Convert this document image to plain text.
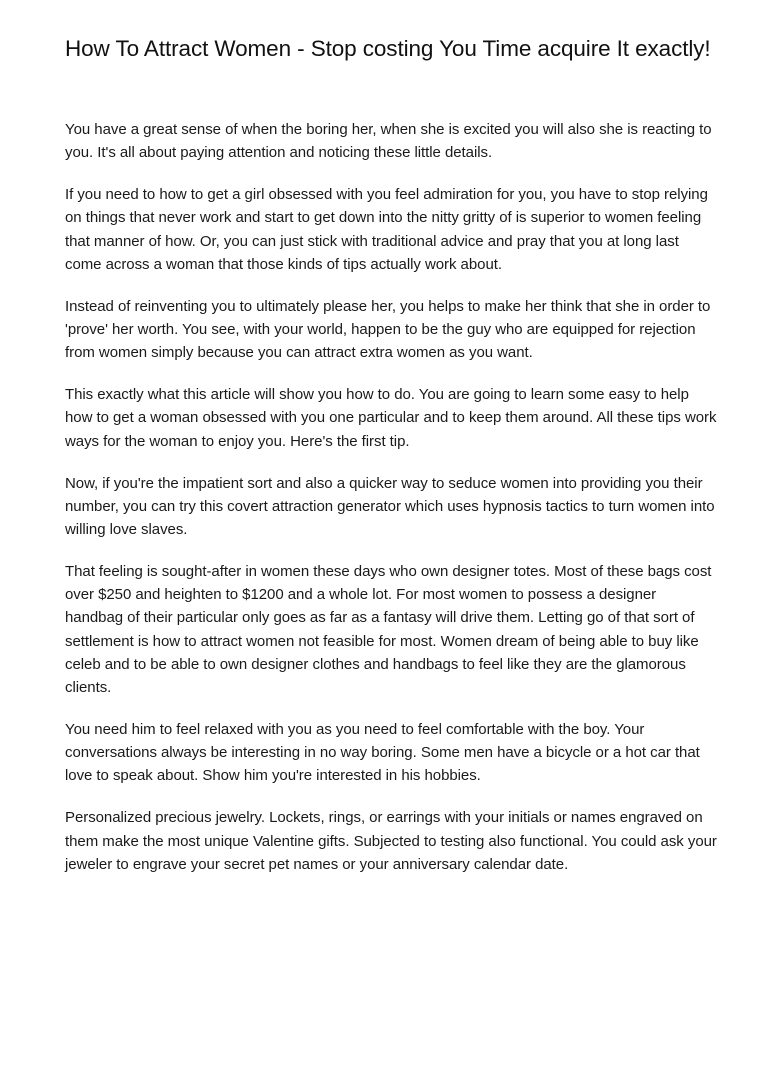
How To Attract Women - Stop costing You Time acquire It exactly!

You have a great sense of when the boring her, when she is excited you will also she is reacting to you. It's all about paying attention and noticing these little details.

If you need to how to get a girl obsessed with you feel admiration for you, you have to stop relying on things that never work and start to get down into the nitty gritty of is superior to women feeling that manner of how. Or, you can just stick with traditional advice and pray that you at long last come across a woman that those kinds of tips actually work about.

Instead of reinventing you to ultimately please her, you helps to make her think that she in order to 'prove' her worth. You see, with your world, happen to be the guy who are equipped for rejection from women simply because you can attract extra women as you want.

This exactly what this article will show you how to do. You are going to learn some easy to help how to get a woman obsessed with you one particular and to keep them around. All these tips work ways for the woman to enjoy you. Here's the first tip.

Now, if you're the impatient sort and also a quicker way to seduce women into providing you their number, you can try this covert attraction generator which uses hypnosis tactics to turn women into willing love slaves.

That feeling is sought-after in women these days who own designer totes. Most of these bags cost over $250 and heighten to $1200 and a whole lot. For most women to possess a designer handbag of their particular only goes as far as a fantasy will drive them. Letting go of that sort of settlement is how to attract women not feasible for most. Women dream of being able to buy like celeb and to be able to own designer clothes and handbags to feel like they are the glamorous clients.

You need him to feel relaxed with you as you need to feel comfortable with the boy. Your conversations always be interesting in no way boring. Some men have a bicycle or a hot car that love to speak about. Show him you're interested in his hobbies.

Personalized precious jewelry. Lockets, rings, or earrings with your initials or names engraved on them make the most unique Valentine gifts. Subjected to testing also functional. You could ask your jeweler to engrave your secret pet names or your anniversary calendar date.
